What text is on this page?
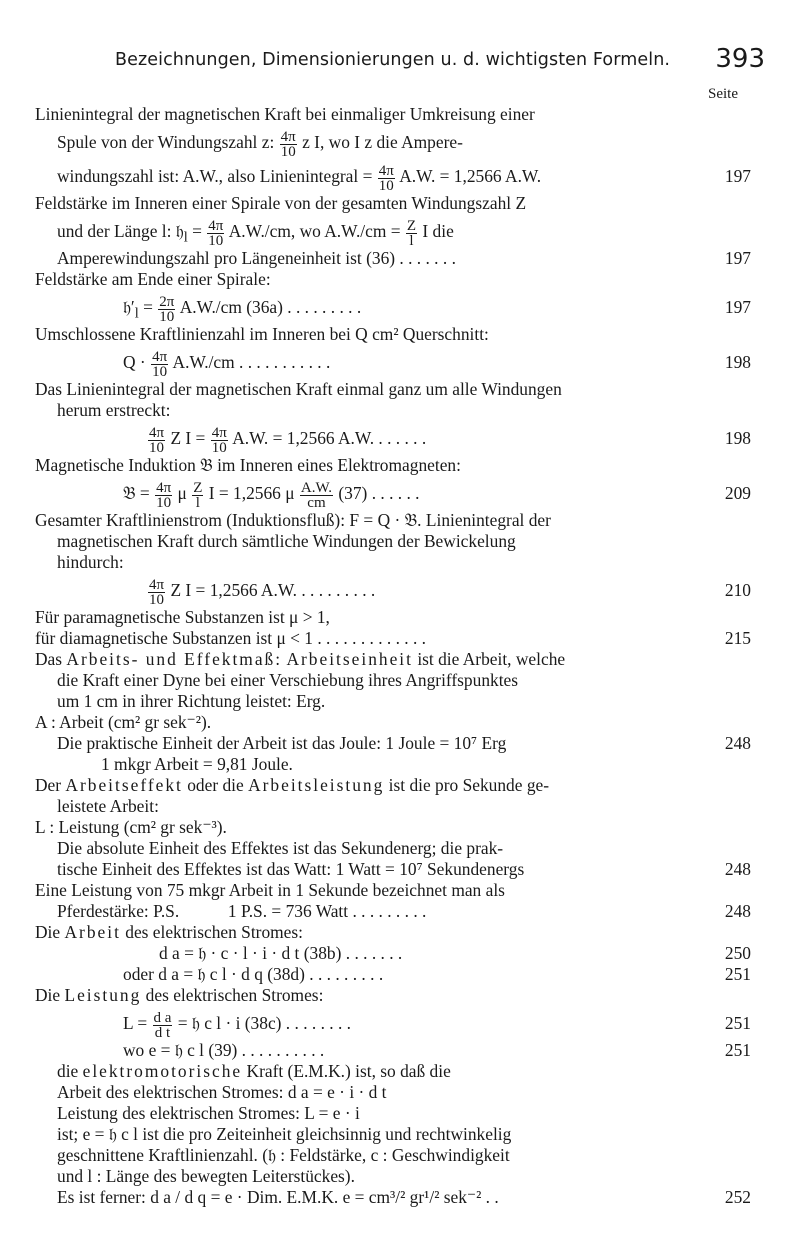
Bezeichnungen, Dimensionierungen u. d. wichtigsten Formeln. 393
Seite
Linienintegral der magnetischen Kraft bei einmaliger Umkreisung einer
Spule von der Windungszahl z: $\frac{4\pi}{10}$ z I, wo I z die Ampere-
windungszahl ist: A.W., also Linienintegral = $\frac{4\pi}{10} A.W$. = 1,2566 A.W.	197
Feldstärke im Inneren einer Spirale von der gesamten Windungszahl Z
und der Länge l: 𝔥$_l$ = $\frac{4\pi}{10} A.W./cm$, wo $A.W./cm = \frac{Z}{l}$ I die
Amperewindungszahl pro Längeneinheit ist (36) . . . . . . .	197
Feldstärke am Ende einer Spirale:
$𝔥'_l = \frac{2\pi}{10} A.W./cm$ (36a) . . . . . . . . .	197
Umschlossene Kraftlinienzahl im Inneren bei Q cm² Querschnitt:
$Q \cdot \frac{4\pi}{10} A.W./cm$ . . . . . . . . . . .	198
Das Linienintegral der magnetischen Kraft einmal ganz um alle Windungen
herum erstreckt:
$\frac{4\pi}{10}$ Z $I = \frac{4\pi}{10} A.W$. = 1,2566 A.W. . . . . . .	198
Magnetische Induktion 𝔅 im Inneren eines Elektromagneten:
𝔅 = $\frac{4\pi}{10}$ μ $\frac{Z}{l}$ I = 1,2566 μ $\frac{A.W.}{cm} (37)$ . . . . . .	209
Gesamter Kraftlinienstrom (Induktionsfluß): F = Q · 𝔅. Linienintegral der
magnetischen Kraft durch sämtliche Windungen der Bewickelung
hindurch:
$\frac{4\pi}{10}$ Z I = 1,2566 A.W. . . . . . . . . .	210
Für paramagnetische Substanzen ist μ > 1,
für diamagnetische Substanzen ist μ < 1 . . . . . . . . . . . . .	215
Das Arbeits- und Effektmaß: Arbeitseinheit ist die Arbeit, welche
die Kraft einer Dyne bei einer Verschiebung ihres Angriffspunktes
um 1 cm in ihrer Richtung leistet: Erg.
A : Arbeit (cm² gr sek⁻²).
Die praktische Einheit der Arbeit ist das Joule: 1 Joule = 10⁷ Erg	248
1 mkgr Arbeit = 9,81 Joule.
Der Arbeitseffekt oder die Arbeitsleistung ist die pro Sekunde ge-
leistete Arbeit:
L : Leistung (cm² gr sek⁻³).
Die absolute Einheit des Effektes ist das Sekundenerg; die prak-
tische Einheit des Effektes ist das Watt: 1 Watt = 10⁷ Sekundenergs	248
Eine Leistung von 75 mkgr Arbeit in 1 Sekunde bezeichnet man als
Pferdestärke: P.S.	1 P.S. = 736 Watt . . . . . . . . .	248
Die Arbeit des elektrischen Stromes:
d a = 𝔥 · c · l · i · d t (38b) . . . . . . .	250
oder d a = 𝔥 c l · d q (38d) . . . . . . . . .	251
Die Leistung des elektrischen Stromes:
$L = \frac{\text{d a}}{\text{d t}}$ = 𝔥 c l · i (38c) . . . . . . . .	251
wo e = 𝔥 c l (39) . . . . . . . . . .	251
die elektromotorische Kraft (E.M.K.) ist, so daß die
Arbeit des elektrischen Stromes: d a = e · i · d t
Leistung des elektrischen Stromes: L = e · i
ist; e = 𝔥 c l ist die pro Zeiteinheit gleichsinnig und rechtwinkelig
geschnittene Kraftlinienzahl. (𝔥 : Feldstärke, c : Geschwindigkeit
und l : Länge des bewegten Leiterstückes).
Es ist ferner: d a / d q = e · Dim. E.M.K. e = cm³/² gr¹/² sek⁻² . .	252
